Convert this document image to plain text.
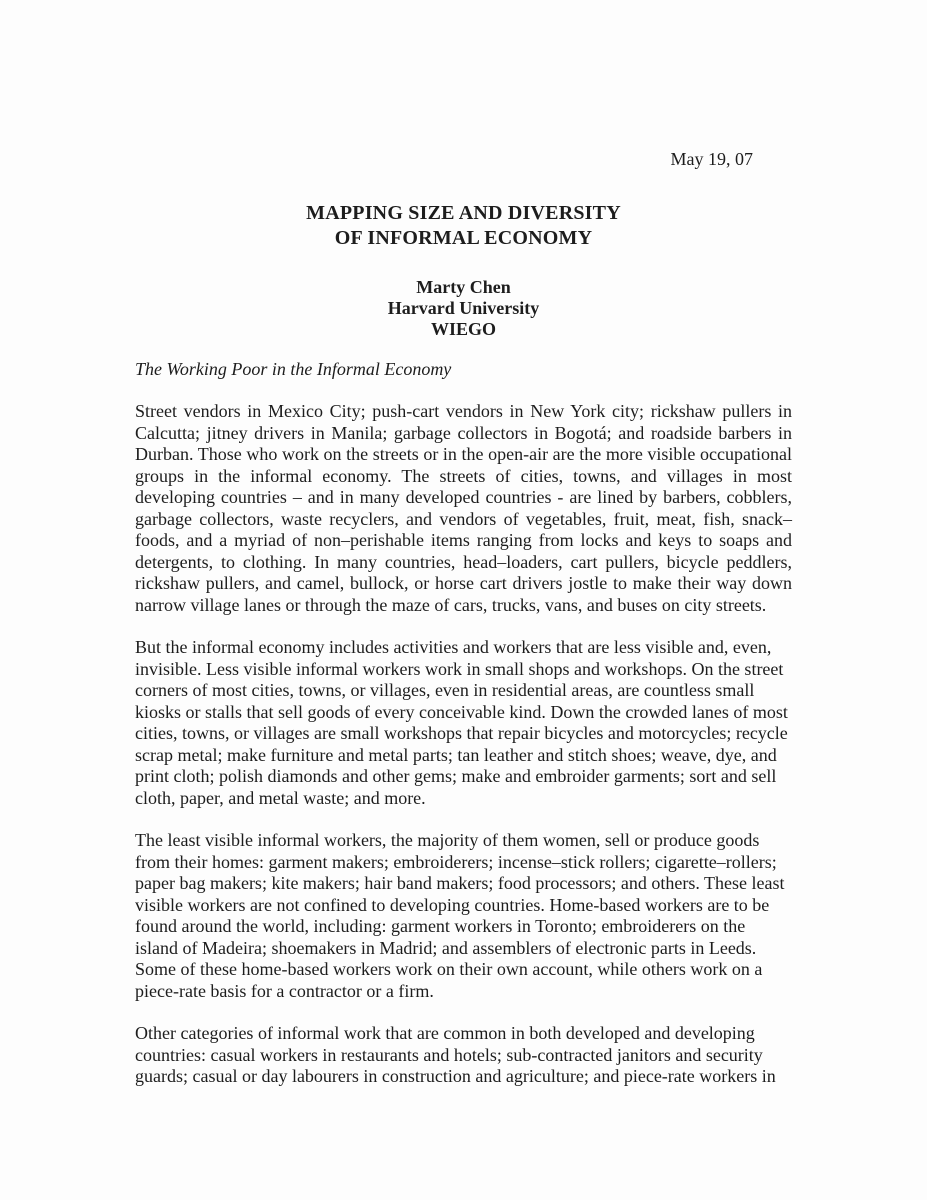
May 19, 07
MAPPING SIZE AND DIVERSITY
OF INFORMAL ECONOMY
Marty Chen
Harvard University
WIEGO
The Working Poor in the Informal Economy

Street vendors in Mexico City; push-cart vendors in New York city; rickshaw pullers in Calcutta; jitney drivers in Manila; garbage collectors in Bogotá; and roadside barbers in Durban. Those who work on the streets or in the open-air are the more visible occupational groups in the informal economy. The streets of cities, towns, and villages in most developing countries – and in many developed countries - are lined by barbers, cobblers, garbage collectors, waste recyclers, and vendors of vegetables, fruit, meat, fish, snack–foods, and a myriad of non–perishable items ranging from locks and keys to soaps and detergents, to clothing. In many countries, head–loaders, cart pullers, bicycle peddlers, rickshaw pullers, and camel, bullock, or horse cart drivers jostle to make their way down narrow village lanes or through the maze of cars, trucks, vans, and buses on city streets.

But the informal economy includes activities and workers that are less visible and, even, invisible. Less visible informal workers work in small shops and workshops. On the street corners of most cities, towns, or villages, even in residential areas, are countless small kiosks or stalls that sell goods of every conceivable kind. Down the crowded lanes of most cities, towns, or villages are small workshops that repair bicycles and motorcycles; recycle scrap metal; make furniture and metal parts; tan leather and stitch shoes; weave, dye, and print cloth; polish diamonds and other gems; make and embroider garments; sort and sell cloth, paper, and metal waste; and more.

The least visible informal workers, the majority of them women, sell or produce goods from their homes: garment makers; embroiderers; incense–stick rollers; cigarette–rollers; paper bag makers; kite makers; hair band makers; food processors; and others. These least visible workers are not confined to developing countries. Home-based workers are to be found around the world, including: garment workers in Toronto; embroiderers on the island of Madeira; shoemakers in Madrid; and assemblers of electronic parts in Leeds. Some of these home-based workers work on their own account, while others work on a piece-rate basis for a contractor or a firm.

Other categories of informal work that are common in both developed and developing countries: casual workers in restaurants and hotels; sub-contracted janitors and security guards; casual or day labourers in construction and agriculture; and piece-rate workers in
